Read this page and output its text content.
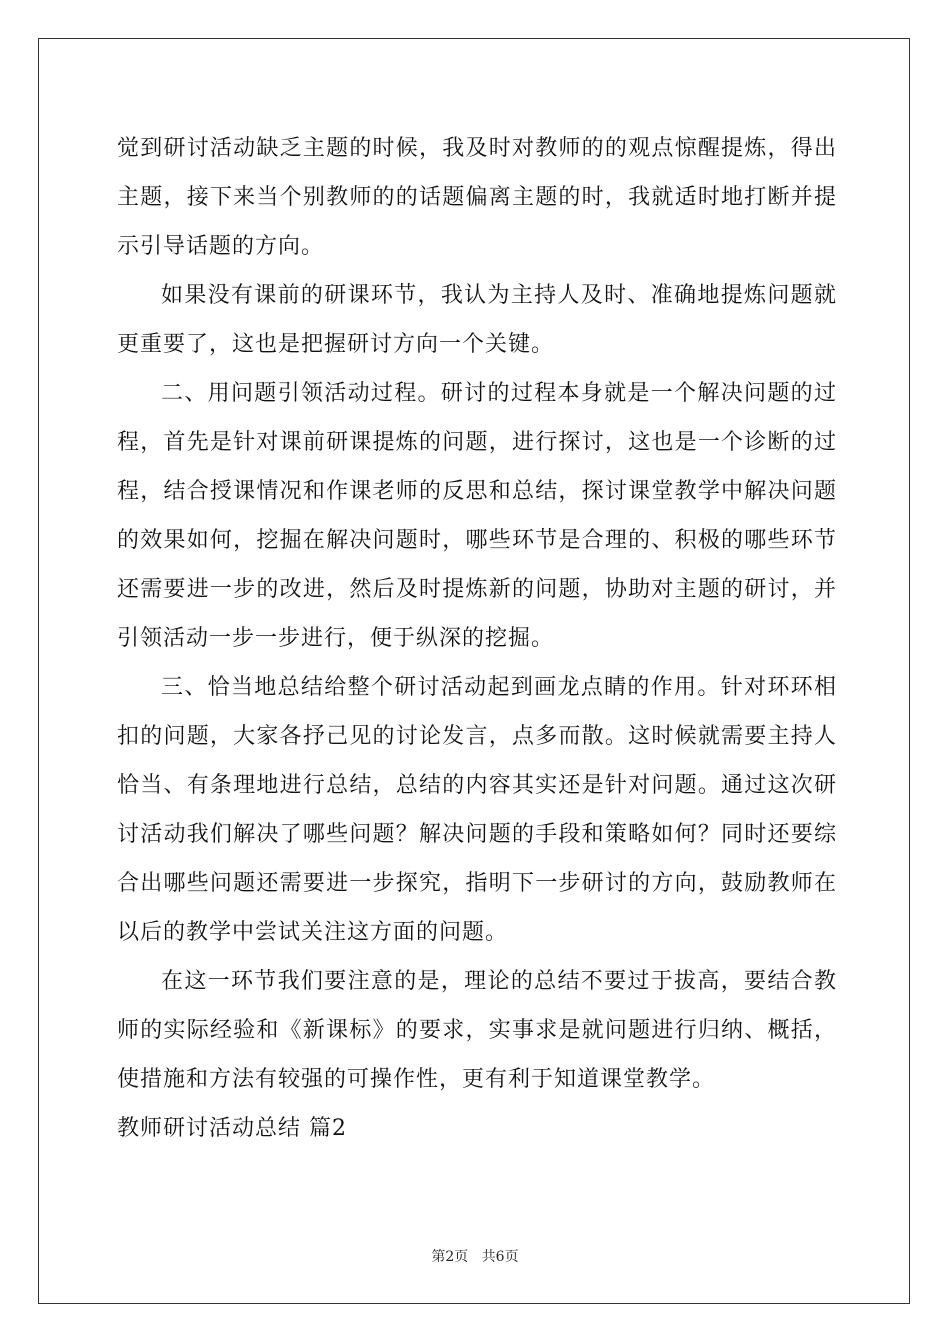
觉到研讨活动缺乏主题的时候，我及时对教师的的观点惊醒提炼，得出主题，接下来当个别教师的的话题偏离主题的时，我就适时地打断并提示引导话题的方向。

如果没有课前的研课环节，我认为主持人及时、准确地提炼问题就更重要了，这也是把握研讨方向一个关键。

二、用问题引领活动过程。研讨的过程本身就是一个解决问题的过程，首先是针对课前研课提炼的问题，进行探讨，这也是一个诊断的过程，结合授课情况和作课老师的反思和总结，探讨课堂教学中解决问题的效果如何，挖掘在解决问题时，哪些环节是合理的、积极的哪些环节还需要进一步的改进，然后及时提炼新的问题，协助对主题的研讨，并引领活动一步一步进行，便于纵深的挖掘。

三、恰当地总结给整个研讨活动起到画龙点睛的作用。针对环环相扣的问题，大家各抒己见的讨论发言，点多而散。这时候就需要主持人恰当、有条理地进行总结，总结的内容其实还是针对问题。通过这次研讨活动我们解决了哪些问题？解决问题的手段和策略如何？同时还要综合出哪些问题还需要进一步探究，指明下一步研讨的方向，鼓励教师在以后的教学中尝试关注这方面的问题。

在这一环节我们要注意的是，理论的总结不要过于拔高，要结合教师的实际经验和《新课标》的要求，实事求是就问题进行归纳、概括，使措施和方法有较强的可操作性，更有利于知道课堂教学。

教师研讨活动总结 篇2

第2页 共6页
